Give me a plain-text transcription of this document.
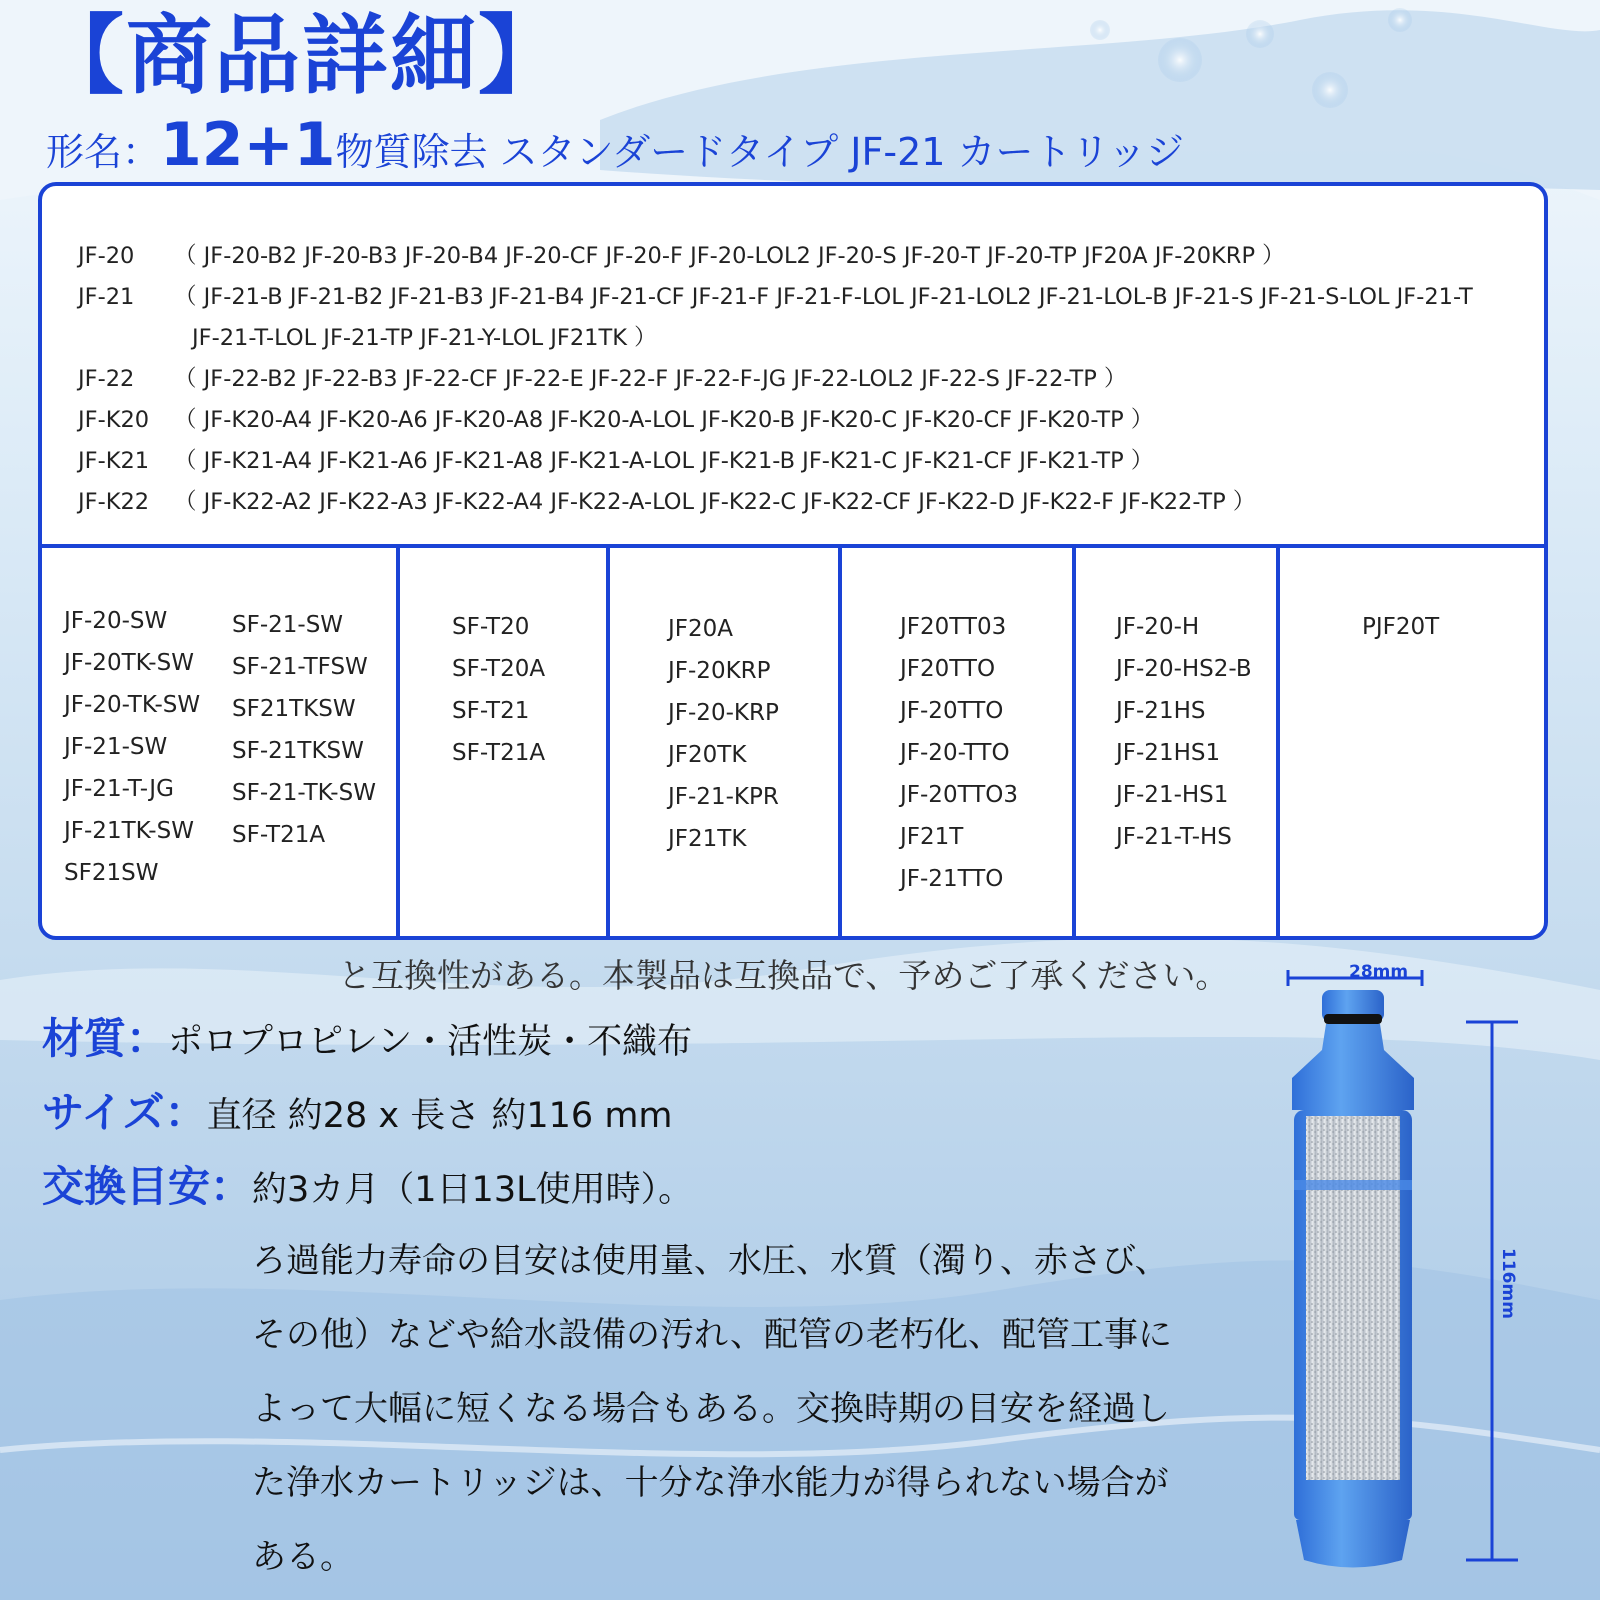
【商品詳細】
形名：12+1物質除去 スタンダードタイプ JF-21 カートリッジ
JF-20 （ JF-20-B2 JF-20-B3 JF-20-B4 JF-20-CF JF-20-F JF-20-LOL2 JF-20-S JF-20-T JF-20-TP JF20A JF-20KRP ）
JF-21 （ JF-21-B JF-21-B2 JF-21-B3 JF-21-B4 JF-21-CF JF-21-F JF-21-F-LOL JF-21-LOL2 JF-21-LOL-B JF-21-S JF-21-S-LOL JF-21-T
JF-21-T-LOL JF-21-TP JF-21-Y-LOL JF21TK ）
JF-22 （ JF-22-B2 JF-22-B3 JF-22-CF JF-22-E JF-22-F JF-22-F-JG JF-22-LOL2 JF-22-S JF-22-TP ）
JF-K20 （ JF-K20-A4 JF-K20-A6 JF-K20-A8 JF-K20-A-LOL JF-K20-B JF-K20-C JF-K20-CF JF-K20-TP ）
JF-K21 （ JF-K21-A4 JF-K21-A6 JF-K21-A8 JF-K21-A-LOL JF-K21-B JF-K21-C JF-K21-CF JF-K21-TP ）
JF-K22 （ JF-K22-A2 JF-K22-A3 JF-K22-A4 JF-K22-A-LOL JF-K22-C JF-K22-CF JF-K22-D JF-K22-F JF-K22-TP ）
JF-20-SW
JF-20TK-SW
JF-20-TK-SW
JF-21-SW
JF-21-T-JG
JF-21TK-SW
SF21SW
SF-21-SW
SF-21-TFSW
SF21TKSW
SF-21TKSW
SF-21-TK-SW
SF-T21A
SF-T20
SF-T20A
SF-T21
SF-T21A
JF20A
JF-20KRP
JF-20-KRP
JF20TK
JF-21-KPR
JF21TK
JF20TT03
JF20TTO
JF-20TTO
JF-20-TTO
JF-20TTO3
JF21T
JF-21TTO
JF-20-H
JF-20-HS2-B
JF-21HS
JF-21HS1
JF-21-HS1
JF-21-T-HS
PJF20T
と互換性がある。本製品は互換品で、予めご了承ください。
材質：ポロプロピレン・活性炭・不織布
サイズ：直径 約28 x 長さ 約116 mm
交換目安：約3カ月（1日13L使用時）。
ろ過能力寿命の目安は使用量、水圧、水質（濁り、赤さび、
その他）などや給水設備の汚れ、配管の老朽化、配管工事に
よって大幅に短くなる場合もある。交換時期の目安を経過し
た浄水カートリッジは、十分な浄水能力が得られない場合が
ある。
28mm
116mm
